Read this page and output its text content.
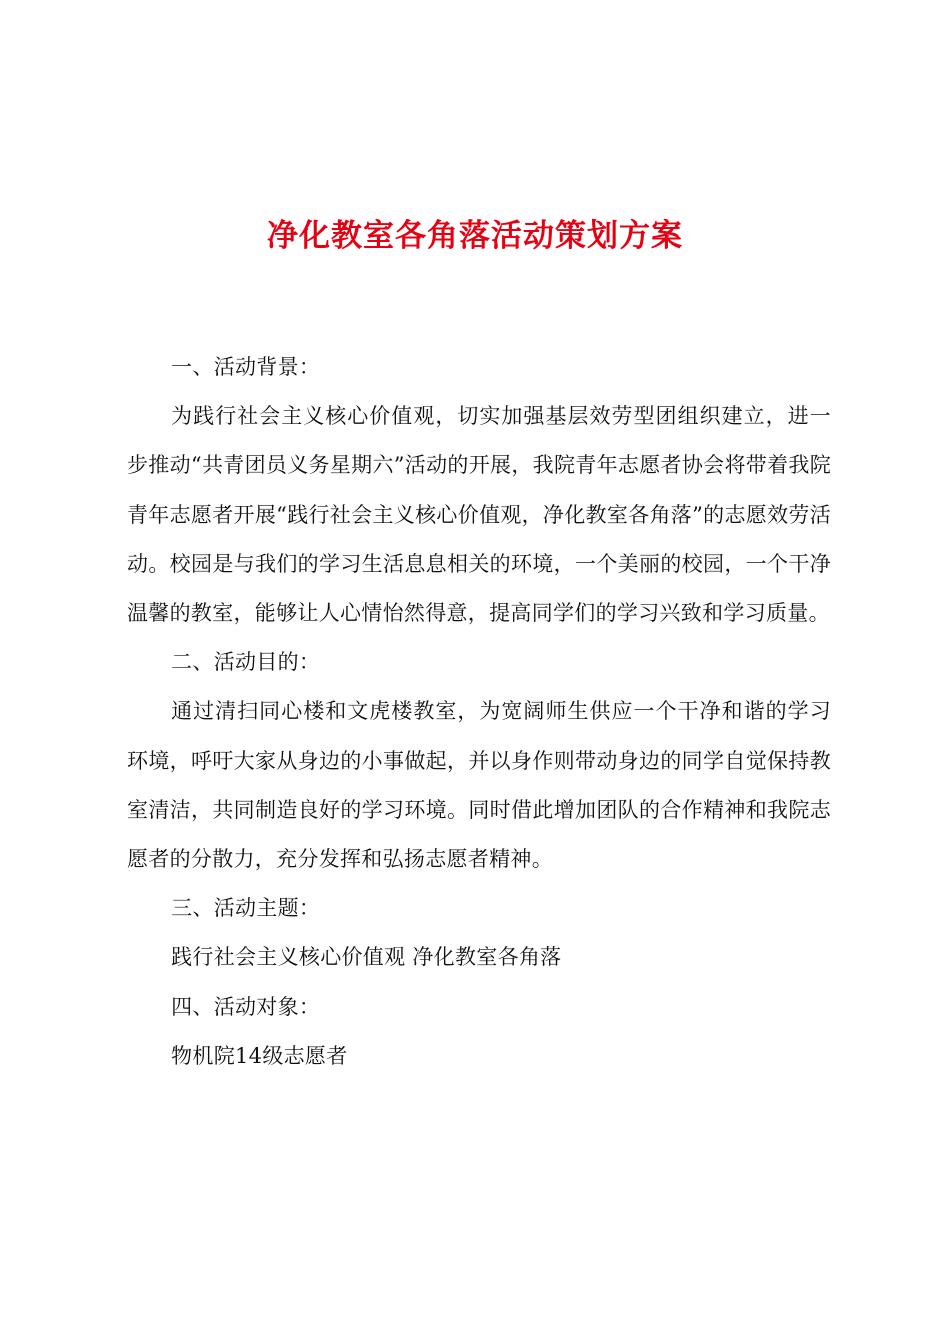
净化教室各角落活动策划方案

一、活动背景：

为践行社会主义核心价值观，切实加强基层效劳型团组织建立，进一步推动“共青团员义务星期六”活动的开展，我院青年志愿者协会将带着我院青年志愿者开展“践行社会主义核心价值观，净化教室各角落”的志愿效劳活动。校园是与我们的学习生活息息相关的环境，一个美丽的校园，一个干净温馨的教室，能够让人心情怡然得意，提高同学们的学习兴致和学习质量。

二、活动目的：

通过清扫同心楼和文虎楼教室，为宽阔师生供应一个干净和谐的学习环境，呼吁大家从身边的小事做起，并以身作则带动身边的同学自觉保持教室清洁，共同制造良好的学习环境。同时借此增加团队的合作精神和我院志愿者的分散力，充分发挥和弘扬志愿者精神。

三、活动主题：

践行社会主义核心价值观 净化教室各角落

四、活动对象：

物机院14级志愿者
